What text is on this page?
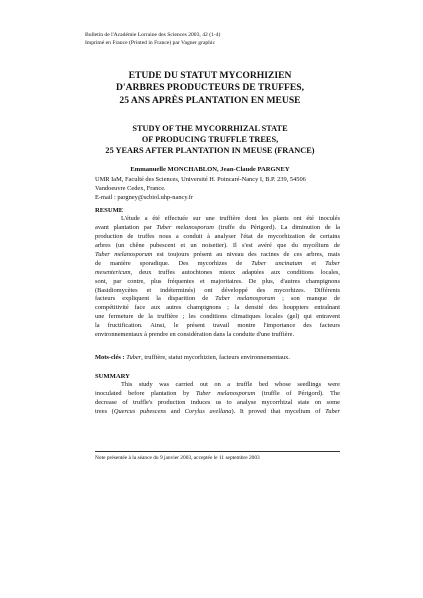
Bulletin de l'Académie Lorraine des Sciences 2003, 42 (1-4)
Imprimé en France (Printed in France) par Vagner graphic
ETUDE DU STATUT MYCORHIZIEN
D'ARBRES PRODUCTEURS DE TRUFFES,
25 ANS APRÈS PLANTATION EN MEUSE
STUDY OF THE MYCORRHIZAL STATE
OF PRODUCING TRUFFLE TREES,
25 YEARS AFTER PLANTATION IN MEUSE (FRANCE)
Emmanuelle MONCHABLON, Jean-Claude PARGNEY
UMR IaM, Faculté des Sciences, Université H. Poincaré-Nancy I, B.P. 239, 54506
Vandoeuvre Cedex, France.
E-mail : pargney@scbiol.uhp-nancy.fr
RESUME
L'étude a été effectuée sur une truffière dont les plants ont été inoculés
avant plantation par Tuber melanosporum (truffe du Périgord). La diminution de la
production de truffes nous a conduit à analyser l'état de mycorhization de certains
arbres (un chêne pubescent et un noisetier). Il s'est avéré que du mycélium de
Tuber melanosporum est toujours présent au niveau des racines de ces arbres, mais
de manière sporadique. Des mycorhizes de Tuber uncinatum et Tuber
mesentericum, deux truffes autochtones mieux adaptées aux conditions locales,
sont, par contre, plus fréquentes et majoritaires. De plus, d'autres champignons
(Basidiomycètes et indéterminés) ont développé des mycorhizes. Différents
facteurs expliquent la disparition de Tuber melanosporum ; son manque de
compétitivité face aux autres champignons ; la densité des houppiers entraînant
une fermeture de la truffière ; les conditions climatiques locales (gel) qui entravent
la fructification. Ainsi, le présent travail montre l'importance des facteurs
environnementaux à prendre en considération dans la conduite d'une truffière.
Mots-clés : Tuber, truffière, statut mycorhizien, facteurs environnementaux.
SUMMARY
This study was carried out on a truffle bed whose seedlings were
inoculated before plantation by Tuber melanosporum (truffle of Périgord). The
decrease of truffle's production induces us to analyse mycorrhizal state on some
trees (Quercus pubescens and Corylus avellana). It proved that mycelium of Tuber
Note présentée à la séance du 9 janvier 2003, acceptée le 11 septembre 2003
